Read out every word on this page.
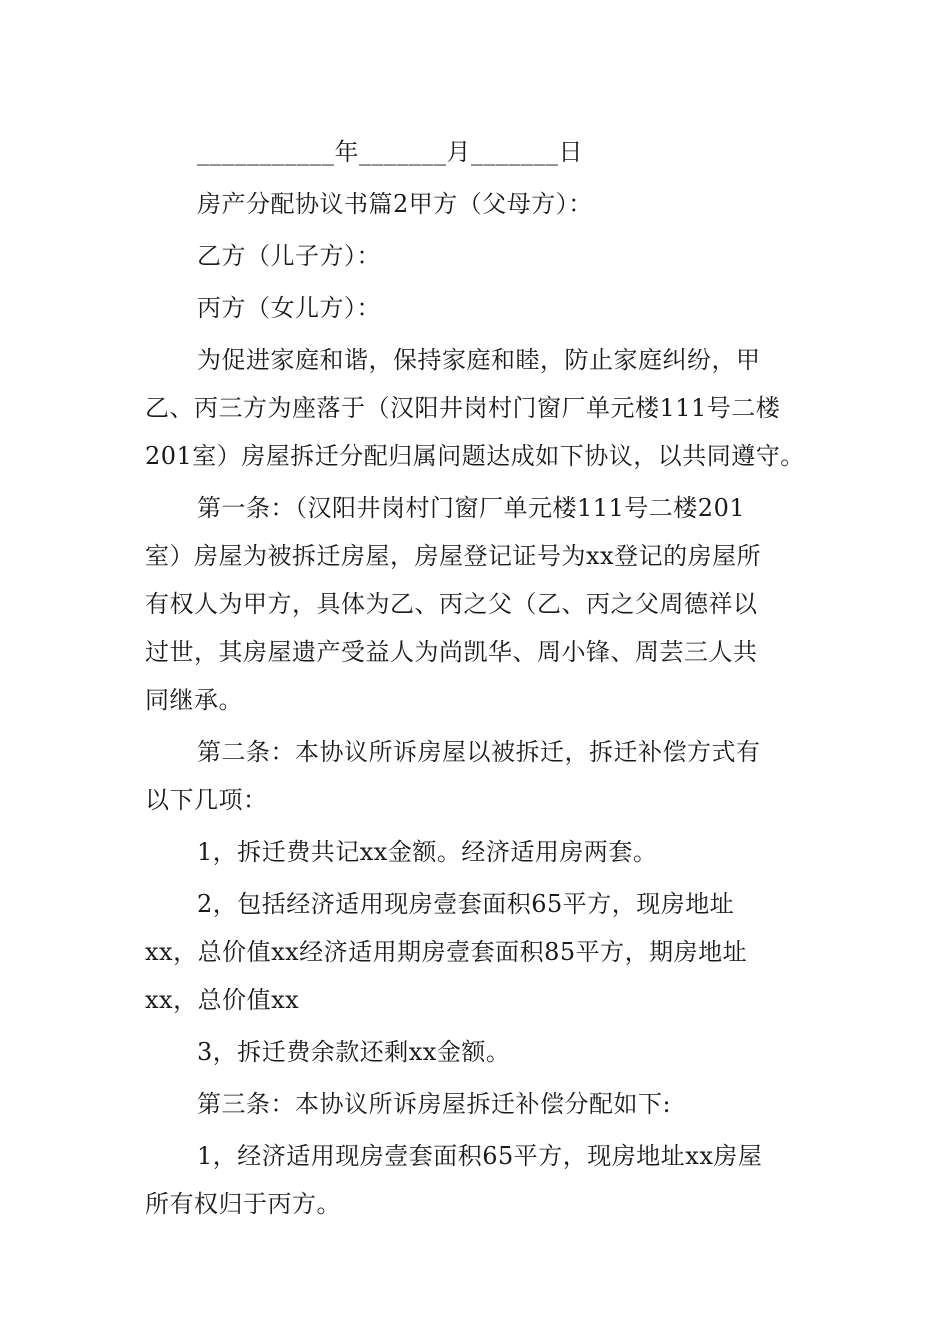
___________年_______月_______日
房产分配协议书篇2甲方（父母方）：
乙方（儿子方）：
丙方（女儿方）：
为促进家庭和谐，保持家庭和睦，防止家庭纠纷，甲
乙、丙三方为座落于（汉阳井岗村门窗厂单元楼111号二楼
201室）房屋拆迁分配归属问题达成如下协议，以共同遵守。
第一条：（汉阳井岗村门窗厂单元楼111号二楼201
室）房屋为被拆迁房屋，房屋登记证号为xx登记的房屋所
有权人为甲方，具体为乙、丙之父（乙、丙之父周德祥以
过世，其房屋遗产受益人为尚凯华、周小锋、周芸三人共
同继承。
第二条：本协议所诉房屋以被拆迁，拆迁补偿方式有
以下几项：
1，拆迁费共记xx金额。经济适用房两套。
2，包括经济适用现房壹套面积65平方，现房地址
xx，总价值xx经济适用期房壹套面积85平方，期房地址
xx，总价值xx
3，拆迁费余款还剩xx金额。
第三条：本协议所诉房屋拆迁补偿分配如下:
1，经济适用现房壹套面积65平方，现房地址xx房屋
所有权归于丙方。
